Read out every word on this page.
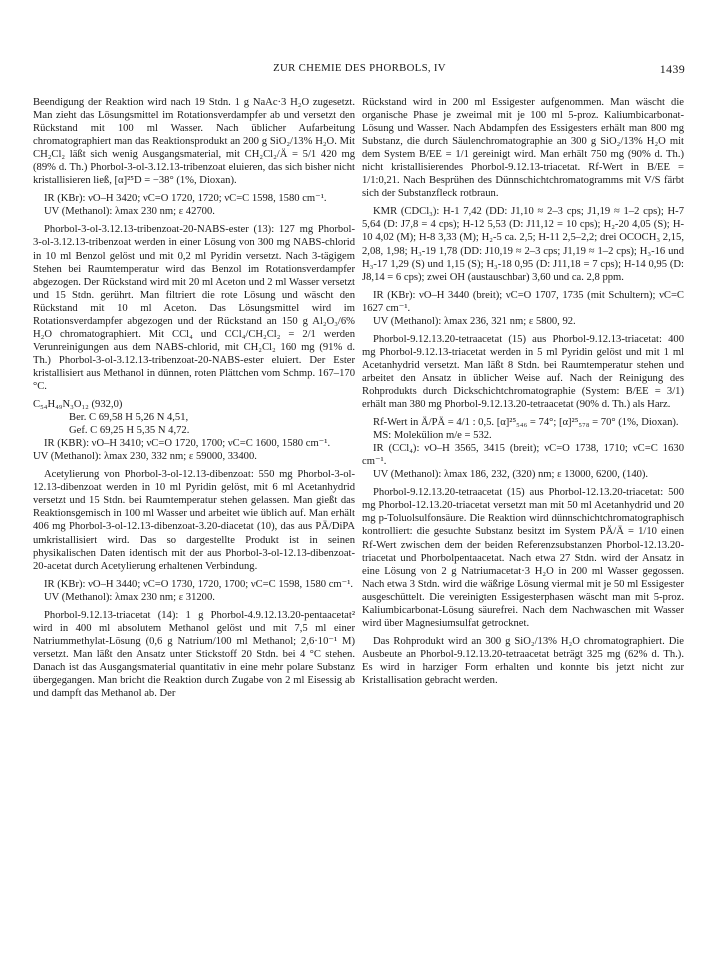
ZUR CHEMIE DES PHORBOLS, IV	1439

Beendigung der Reaktion wird nach 19 Stdn. 1 g NaAc·3 H₂O zugesetzt. Man zieht das Lösungsmittel im Rotationsverdampfer ab und versetzt den Rückstand mit 100 ml Wasser. Nach üblicher Aufarbeitung chromatographiert man das Reaktionsprodukt an 200 g SiO₂/13% H₂O. Mit CH₂Cl₂ läßt sich wenig Ausgangsmaterial, mit CH₂Cl₂/Ä = 5/1 420 mg (89% d. Th.) Phorbol-3-ol-3.12.13-tribenzoat eluieren, das sich bisher nicht kristallisieren ließ, [α]²⁵D = −38° (1%, Dioxan).

IR (KBr): νO–H 3420; νC=O 1720, 1720; νC=C 1598, 1580 cm⁻¹.

UV (Methanol): λmax 230 nm; ε 42700.

Phorbol-3-ol-3.12.13-tribenzoat-20-NABS-ester (13): 127 mg Phorbol-3-ol-3.12.13-tribenzoat werden in einer Lösung von 300 mg NABS-chlorid in 10 ml Benzol gelöst und mit 0,2 ml Pyridin versetzt. Nach 3-tägigem Stehen bei Raumtemperatur wird das Benzol im Rotationsverdampfer abgezogen. Der Rückstand wird mit 20 ml Aceton und 2 ml Wasser versetzt und 15 Stdn. gerührt. Man filtriert die rote Lösung und wäscht den Rückstand mit 10 ml Aceton. Das Lösungsmittel wird im Rotationsverdampfer abgezogen und der Rückstand an 150 g Al₂O₃/6% H₂O chromatographiert. Mit CCl₄ und CCl₄/CH₂Cl₂ = 2/1 werden Verunreinigungen aus dem NABS-chlorid, mit CH₂Cl₂ 160 mg (91% d. Th.) Phorbol-3-ol-3.12.13-tribenzoat-20-NABS-ester eluiert. Der Ester kristallisiert aus Methanol in dünnen, roten Plättchen vom Schmp. 167–170 °C.

C₅₄H₄₉N₃O₁₂ (932,0)

Ber. C 69,58 H 5,26 N 4,51,

Gef. C 69,25 H 5,35 N 4,72.

IR (KBR): νO–H 3410; νC=O 1720, 1700; νC=C 1600, 1580 cm⁻¹.

UV (Methanol): λmax 230, 332 nm; ε 59000, 33400.

Acetylierung von Phorbol-3-ol-12.13-dibenzoat: 550 mg Phorbol-3-ol-12.13-dibenzoat werden in 10 ml Pyridin gelöst, mit 6 ml Acetanhydrid versetzt und 15 Stdn. bei Raumtemperatur stehen gelassen. Man gießt das Reaktionsgemisch in 100 ml Wasser und arbeitet wie üblich auf. Man erhält 406 mg Phorbol-3-ol-12.13-dibenzoat-3.20-diacetat (10), das aus PÄ/DiPA umkristallisiert wird. Das so dargestellte Produkt ist in seinen physikalischen Daten identisch mit der aus Phorbol-3-ol-12.13-dibenzoat-20-acetat durch Acetylierung erhaltenen Verbindung.

IR (KBr): νO–H 3440; νC=O 1730, 1720, 1700; νC=C 1598, 1580 cm⁻¹.

UV (Methanol): λmax 230 nm; ε 31200.

Phorbol-9.12.13-triacetat (14): 1 g Phorbol-4.9.12.13.20-pentaacetat² wird in 400 ml absolutem Methanol gelöst und mit 7,5 ml einer Natriummethylat-Lösung (0,6 g Natrium/100 ml Methanol; 2,6·10⁻¹ M) versetzt. Man läßt den Ansatz unter Stickstoff 20 Stdn. bei 4 °C stehen. Danach ist das Ausgangsmaterial quantitativ in eine mehr polare Substanz übergegangen. Man bricht die Reaktion durch Zugabe von 2 ml Eisessig ab und dampft das Methanol ab. Der

Rückstand wird in 200 ml Essigester aufgenommen. Man wäscht die organische Phase je zweimal mit je 100 ml 5-proz. Kaliumbicarbonat-Lösung und Wasser. Nach Abdampfen des Essigesters erhält man 800 mg Substanz, die durch Säulenchromatographie an 300 g SiO₂/13% H₂O mit dem System B/EE = 1/1 gereinigt wird. Man erhält 750 mg (90% d. Th.) nicht kristallisierendes Phorbol-9.12.13-triacetat. Rf-Wert in B/EE = 1/1:0,21. Nach Besprühen des Dünnschichtchromatogramms mit V/S färbt sich der Substanzfleck rotbraun.

KMR (CDCl₃): H-1 7,42 (DD: J1,10 ≈ 2–3 cps; J1,19 ≈ 1–2 cps); H-7 5,64 (D: J7,8 = 4 cps); H-12 5,53 (D: J11,12 = 10 cps); H₂-20 4,05 (S); H-10 4,02 (M); H-8 3,33 (M); H₂-5 ca. 2,5; H-11 2,5–2,2; drei OCOCH₃ 2,15, 2,08, 1,98; H₃-19 1,78 (DD: J10,19 ≈ 2–3 cps; J1,19 ≈ 1–2 cps); H₃-16 und H₃-17 1,29 (S) und 1,15 (S); H₃-18 0,95 (D: J11,18 = 7 cps); H-14 0,95 (D: J8,14 = 6 cps); zwei OH (austauschbar) 3,60 und ca. 2,8 ppm.

IR (KBr): νO–H 3440 (breit); νC=O 1707, 1735 (mit Schultern); νC=C 1627 cm⁻¹.

UV (Methanol): λmax 236, 321 nm; ε 5800, 92.

Phorbol-9.12.13.20-tetraacetat (15) aus Phorbol-9.12.13-triacetat: 400 mg Phorbol-9.12.13-triacetat werden in 5 ml Pyridin gelöst und mit 1 ml Acetanhydrid versetzt. Man läßt 8 Stdn. bei Raumtemperatur stehen und arbeitet den Ansatz in üblicher Weise auf. Nach der Reinigung des Rohprodukts durch Dickschichtchromatographie (System: B/EE = 3/1) erhält man 380 mg Phorbol-9.12.13.20-tetraacetat (90% d. Th.) als Harz.

Rf-Wert in Ä/PÄ = 4/1 : 0,5. [α]²⁵₅₄₆ = 74°; [α]²⁵₅₇₈ = 70° (1%, Dioxan).

MS: Molekülion m/e = 532.

IR (CCl₄): νO–H 3565, 3415 (breit); νC=O 1738, 1710; νC=C 1630 cm⁻¹.

UV (Methanol): λmax 186, 232, (320) nm; ε 13000, 6200, (140).

Phorbol-9.12.13.20-tetraacetat (15) aus Phorbol-12.13.20-triacetat: 500 mg Phorbol-12.13.20-triacetat versetzt man mit 50 ml Acetanhydrid und 20 mg p-Toluolsulfonsäure. Die Reaktion wird dünnschichtchromatographisch kontrolliert: die gesuchte Substanz besitzt im System PÄ/Ä = 1/10 einen Rf-Wert zwischen dem der beiden Referenzsubstanzen Phorbol-12.13.20-triacetat und Phorbolpentaacetat. Nach etwa 27 Stdn. wird der Ansatz in eine Lösung von 2 g Natriumacetat·3 H₂O in 200 ml Wasser gegossen. Nach etwa 3 Stdn. wird die wäßrige Lösung viermal mit je 50 ml Essigester ausgeschüttelt. Die vereinigten Essigesterphasen wäscht man mit 5-proz. Kaliumbicarbonat-Lösung säurefrei. Nach dem Nachwaschen mit Wasser wird über Magnesiumsulfat getrocknet.

Das Rohprodukt wird an 300 g SiO₂/13% H₂O chromatographiert. Die Ausbeute an Phorbol-9.12.13.20-tetraacetat beträgt 325 mg (62% d. Th.). Es wird in harziger Form erhalten und konnte bis jetzt nicht zur Kristallisation gebracht werden.
